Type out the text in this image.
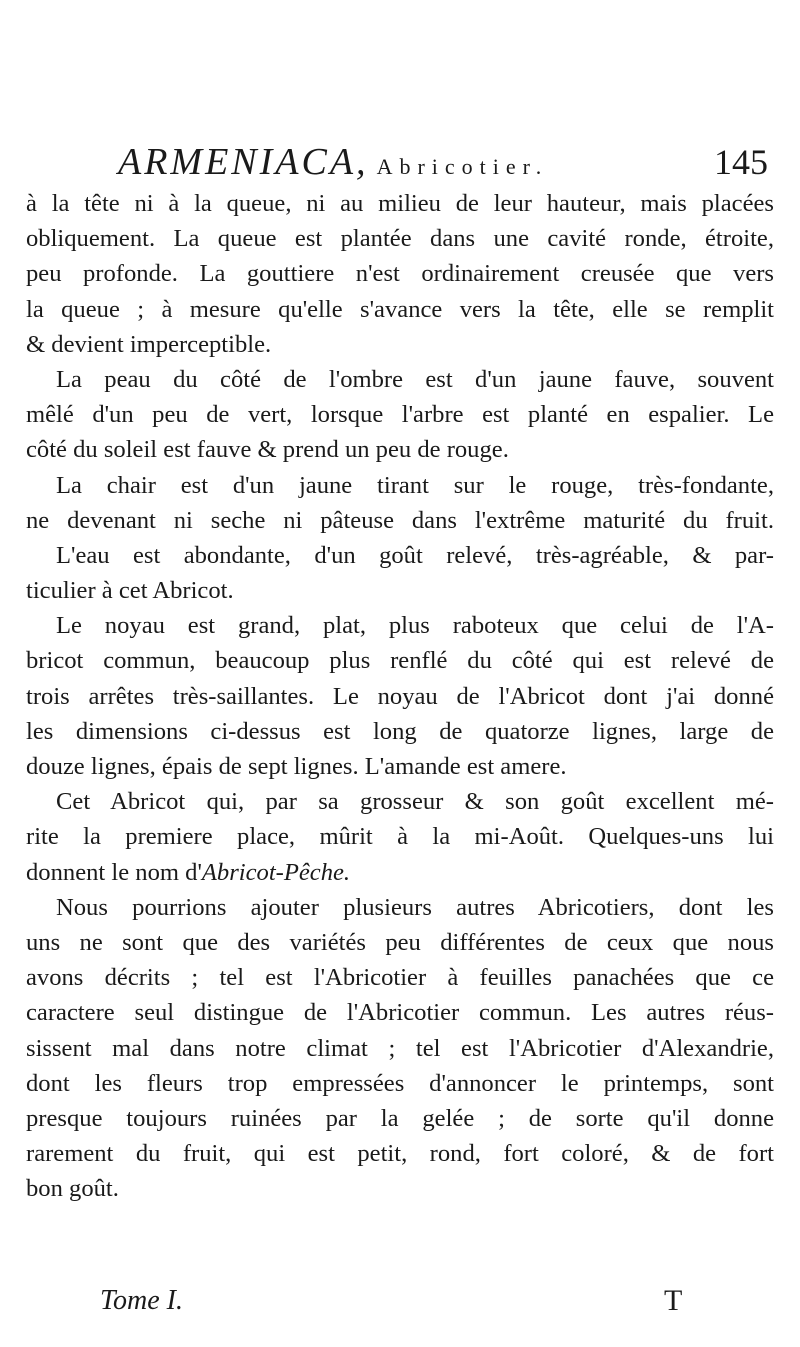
ARMENIACA, Abricotier.	145
à la tête ni à la queue, ni au milieu de leur hauteur, mais placées
obliquement. La queue est plantée dans une cavité ronde, étroite,
peu profonde. La gouttiere n'est ordinairement creusée que vers
la queue ; à mesure qu'elle s'avance vers la tête, elle se remplit
& devient imperceptible.
La peau du côté de l'ombre est d'un jaune fauve, souvent
mêlé d'un peu de vert, lorsque l'arbre est planté en espalier. Le
côté du soleil est fauve & prend un peu de rouge.
La chair est d'un jaune tirant sur le rouge, très-fondante,
ne devenant ni seche ni pâteuse dans l'extrême maturité du fruit.
L'eau est abondante, d'un goût relevé, très-agréable, & par-
ticulier à cet Abricot.
Le noyau est grand, plat, plus raboteux que celui de l'A-
bricot commun, beaucoup plus renflé du côté qui est relevé de
trois arrêtes très-saillantes. Le noyau de l'Abricot dont j'ai donné
les dimensions ci-dessus est long de quatorze lignes, large de
douze lignes, épais de sept lignes. L'amande est amere.
Cet Abricot qui, par sa grosseur & son goût excellent mé-
rite la premiere place, mûrit à la mi-Août. Quelques-uns lui
donnent le nom d'Abricot-Pêche.
Nous pourrions ajouter plusieurs autres Abricotiers, dont les
uns ne sont que des variétés peu différentes de ceux que nous
avons décrits ; tel est l'Abricotier à feuilles panachées que ce
caractere seul distingue de l'Abricotier commun. Les autres réus-
sissent mal dans notre climat ; tel est l'Abricotier d'Alexandrie,
dont les fleurs trop empressées d'annoncer le printemps, sont
presque toujours ruinées par la gelée ; de sorte qu'il donne
rarement du fruit, qui est petit, rond, fort coloré, & de fort
bon goût.
Tome I.	T
